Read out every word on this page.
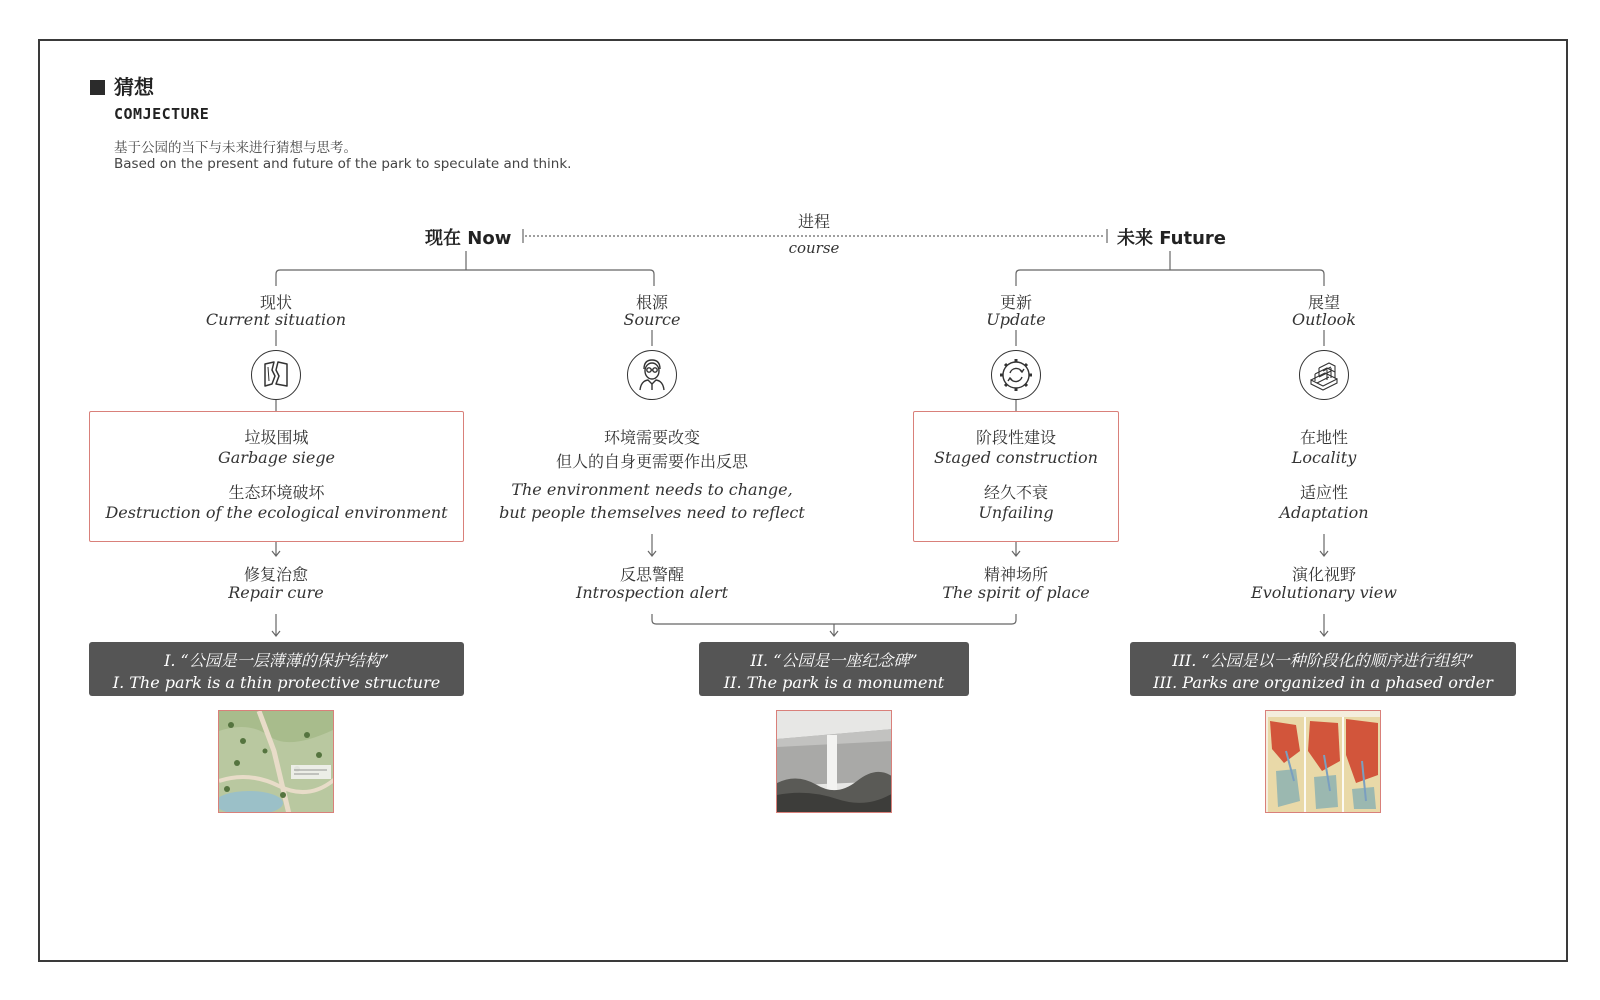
猜想
COMJECTURE
基于公园的当下与未来进行猜想与思考。
Based on the present and future of the park to speculate and think.
现在 Now	未来 Future
进程
course
现状
Current situation
根源
Source
更新
Update
展望
Outlook
垃圾围城
Garbage siege
生态环境破坏
Destruction of the ecological environment
环境需要改变
但人的自身更需要作出反思
The environment needs to change,
but people themselves need to reflect
阶段性建设
Staged construction
经久不衰
Unfailing
在地性
Locality
适应性
Adaptation
修复治愈
Repair cure
反思警醒
Introspection alert
精神场所
The spirit of place
演化视野
Evolutionary view
I. “公园是一层薄薄的保护结构”
I. The park is a thin protective structure
II. “公园是一座纪念碑”
II. The park is a monument
III. “公园是以一种阶段化的顺序进行组织”
III. Parks are organized in a phased order
